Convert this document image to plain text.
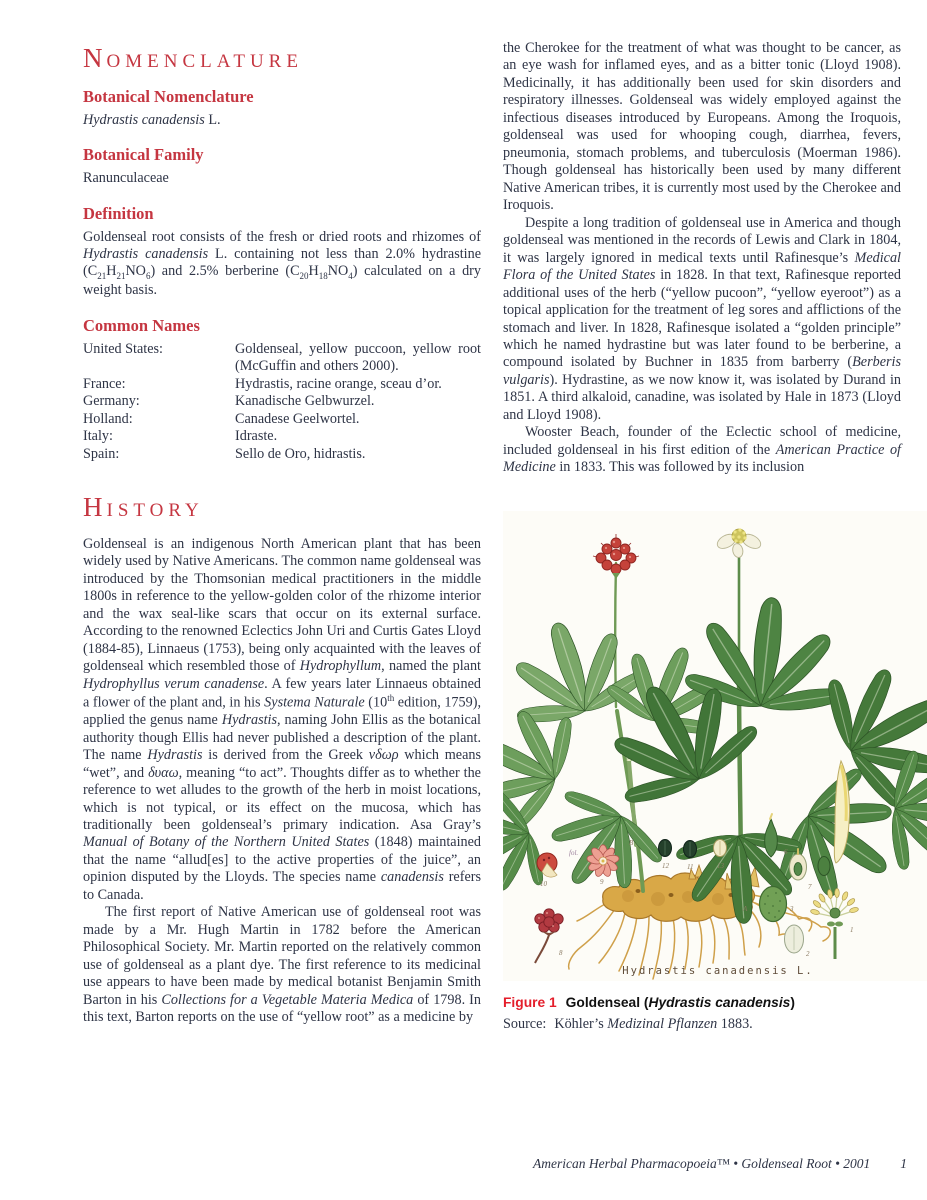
NOMENCLATURE
Botanical Nomenclature

Hydrastis canadensis L.

Botanical Family

Ranunculaceae

Definition

Goldenseal root consists of the fresh or dried roots and rhizomes of Hydrastis canadensis L. containing not less than 2.0% hydrastine $(C_{21}H_{21}NO_6)$ and 2.5% berberine $(C_{20}H_{18}NO_4)$ calculated on a dry weight basis.

Common Names
United States:	Goldenseal, yellow puccoon, yellow root (McGuffin and others 2000).
France:	Hydrastis, racine orange, sceau d’or.
Germany:	Kanadische Gelbwurzel.
Holland:	Canadese Geelwortel.
Italy:	Idraste.
Spain:	Sello de Oro, hidrastis.
HISTORY

Goldenseal is an indigenous North American plant that has been widely used by Native Americans. The common name goldenseal was introduced by the Thomsonian medical practitioners in the middle 1800s in reference to the yellow-golden color of the rhizome interior and the wax seal-like scars that occur on its external surface. According to the renowned Eclectics John Uri and Curtis Gates Lloyd (1884-85), Linnaeus (1753), being only acquainted with the leaves of goldenseal which resembled those of Hydrophyllum, named the plant Hydrophyllus verum canadense. A few years later Linnaeus obtained a flower of the plant and, in his Systema Naturale (10th edition, 1759), applied the genus name Hydrastis, naming John Ellis as the botanical authority though Ellis had never published a description of the plant. The name Hydrastis is derived from the Greek νδωρ which means “wet”, and δυαω, meaning “to act”. Thoughts differ as to whether the reference to wet alludes to the growth of the herb in moist locations, which is not typical, or its effect on the mucosa, which has traditionally been goldenseal’s primary indication. Asa Gray’s Manual of Botany of the Northern United States (1848) maintained that the name “allud[es] to the active properties of the juice”, an opinion disputed by the Lloyds. The species name canadensis refers to Canada.

The first report of Native American use of goldenseal root was made by a Mr. Hugh Martin in 1782 before the American Philosophical Society. Mr. Martin reported on the relatively common use of goldenseal as a plant dye. The first reference to its medicinal use appears to have been made by medical botanist Benjamin Smith Barton in his Collections for a Vegetable Materia Medica of 1798. In this text, Barton reports on the use of “yellow root” as a medicine by

the Cherokee for the treatment of what was thought to be cancer, as an eye wash for inflamed eyes, and as a bitter tonic (Lloyd 1908). Medicinally, it has additionally been used for skin disorders and respiratory illnesses. Goldenseal was widely employed against the infectious diseases introduced by Europeans. Among the Iroquois, goldenseal was used for whooping cough, diarrhea, fevers, pneumonia, stomach problems, and tuberculosis (Moerman 1986). Though goldenseal has historically been used by many different Native American tribes, it is currently most used by the Cherokee and Iroquois.

Despite a long tradition of goldenseal use in America and though goldenseal was mentioned in the records of Lewis and Clark in 1804, it was largely ignored in medical texts until Rafinesque’s Medical Flora of the United States in 1828. In that text, Rafinesque reported additional uses of the herb (“yellow pucoon”, “yellow eyeroot”) as a topical application for the treatment of leg sores and afflictions of the stomach and liver. In 1828, Rafinesque isolated a “golden principle” which he named hydrastine but was later found to be berberine, a compound isolated by Buchner in 1835 from barberry (Berberis vulgaris). Hydrastine, as we now know it, was isolated by Durand in 1851. A third alkaloid, canadine, was isolated by Hale in 1873 (Lloyd and Lloyd 1908).

Wooster Beach, founder of the Eclectic school of medicine, included goldenseal in his first edition of the American Practice of Medicine in 1833. This was followed by its inclusion

fol.
B
A
10	9
12	11	13
6
7
3
2
1
8
Hydrastis canadensis L.
Figure 1 Goldenseal (Hydrastis canadensis)
Source: Köhler’s Medizinal Pflanzen 1883.
American Herbal Pharmacopoeia™ • Goldenseal Root • 2001 1
